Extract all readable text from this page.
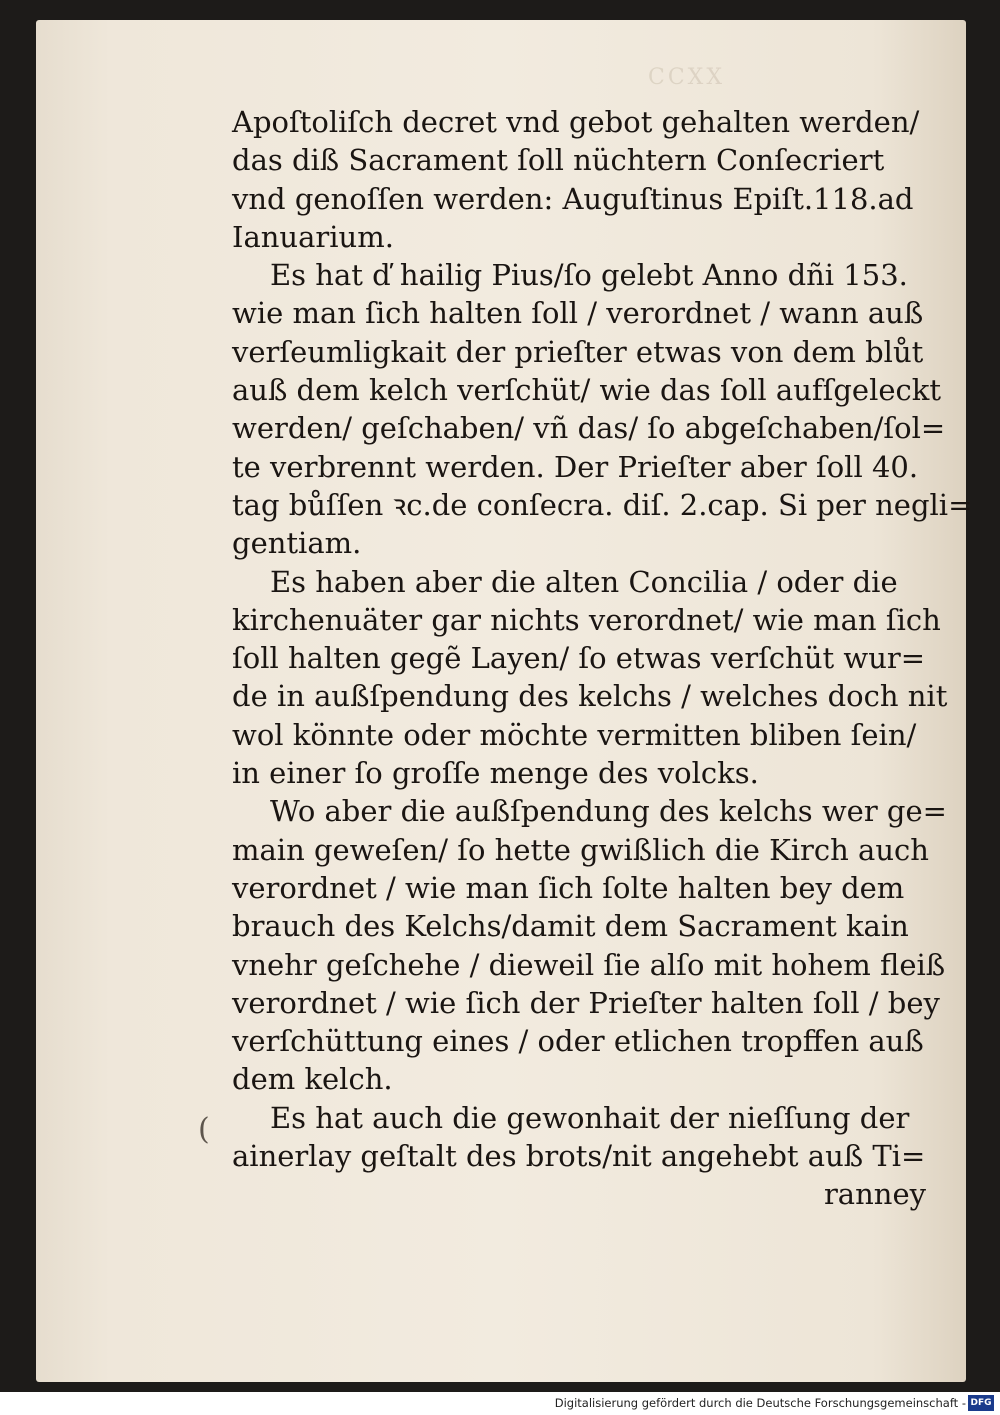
CCXX
Apoſtoliſch decret vnd gebot gehalten werden/
das diß Sacrament ſoll nüchtern Conſecriert
vnd genoſſen werden: Auguſtinus Epiſt.118.ad
Ianuarium.
Es hat ď hailig Pius/ſo gelebt Anno dñi 153.
wie man ſich halten ſoll / verordnet / wann auß
verſeumligkait der prieſter etwas von dem blůt
auß dem kelch verſchüt/ wie das ſoll aufſgeleckt
werden/ geſchaben/ vñ das/ ſo abgeſchaben/ſol=
te verbrennt werden. Der Prieſter aber ſoll 40.
tag bůſſen ꝛc.de conſecra. diſ. 2.cap. Si per negli=
gentiam.
Es haben aber die alten Concilia / oder die
kirchenuäter gar nichts verordnet/ wie man ſich
ſoll halten gegẽ Layen/ ſo etwas verſchüt wur=
de in außſpendung des kelchs / welches doch nit
wol könnte oder möchte vermitten bliben ſein/
in einer ſo groſſe menge des volcks.
Wo aber die außſpendung des kelchs wer ge=
main geweſen/ ſo hette gwißlich die Kirch auch
verordnet / wie man ſich ſolte halten bey dem
brauch des Kelchs/damit dem Sacrament kain
vnehr geſchehe / dieweil ſie alſo mit hohem fleiß
verordnet / wie ſich der Prieſter halten ſoll / bey
verſchüttung eines / oder etlichen tropffen auß
dem kelch.
Es hat auch die gewonhait der nieſſung der
ainerlay geſtalt des brots/nit angehebt auß Ti=
ranney
(
Digitalisierung gefördert durch die Deutsche Forschungsgemeinschaft - DFG
